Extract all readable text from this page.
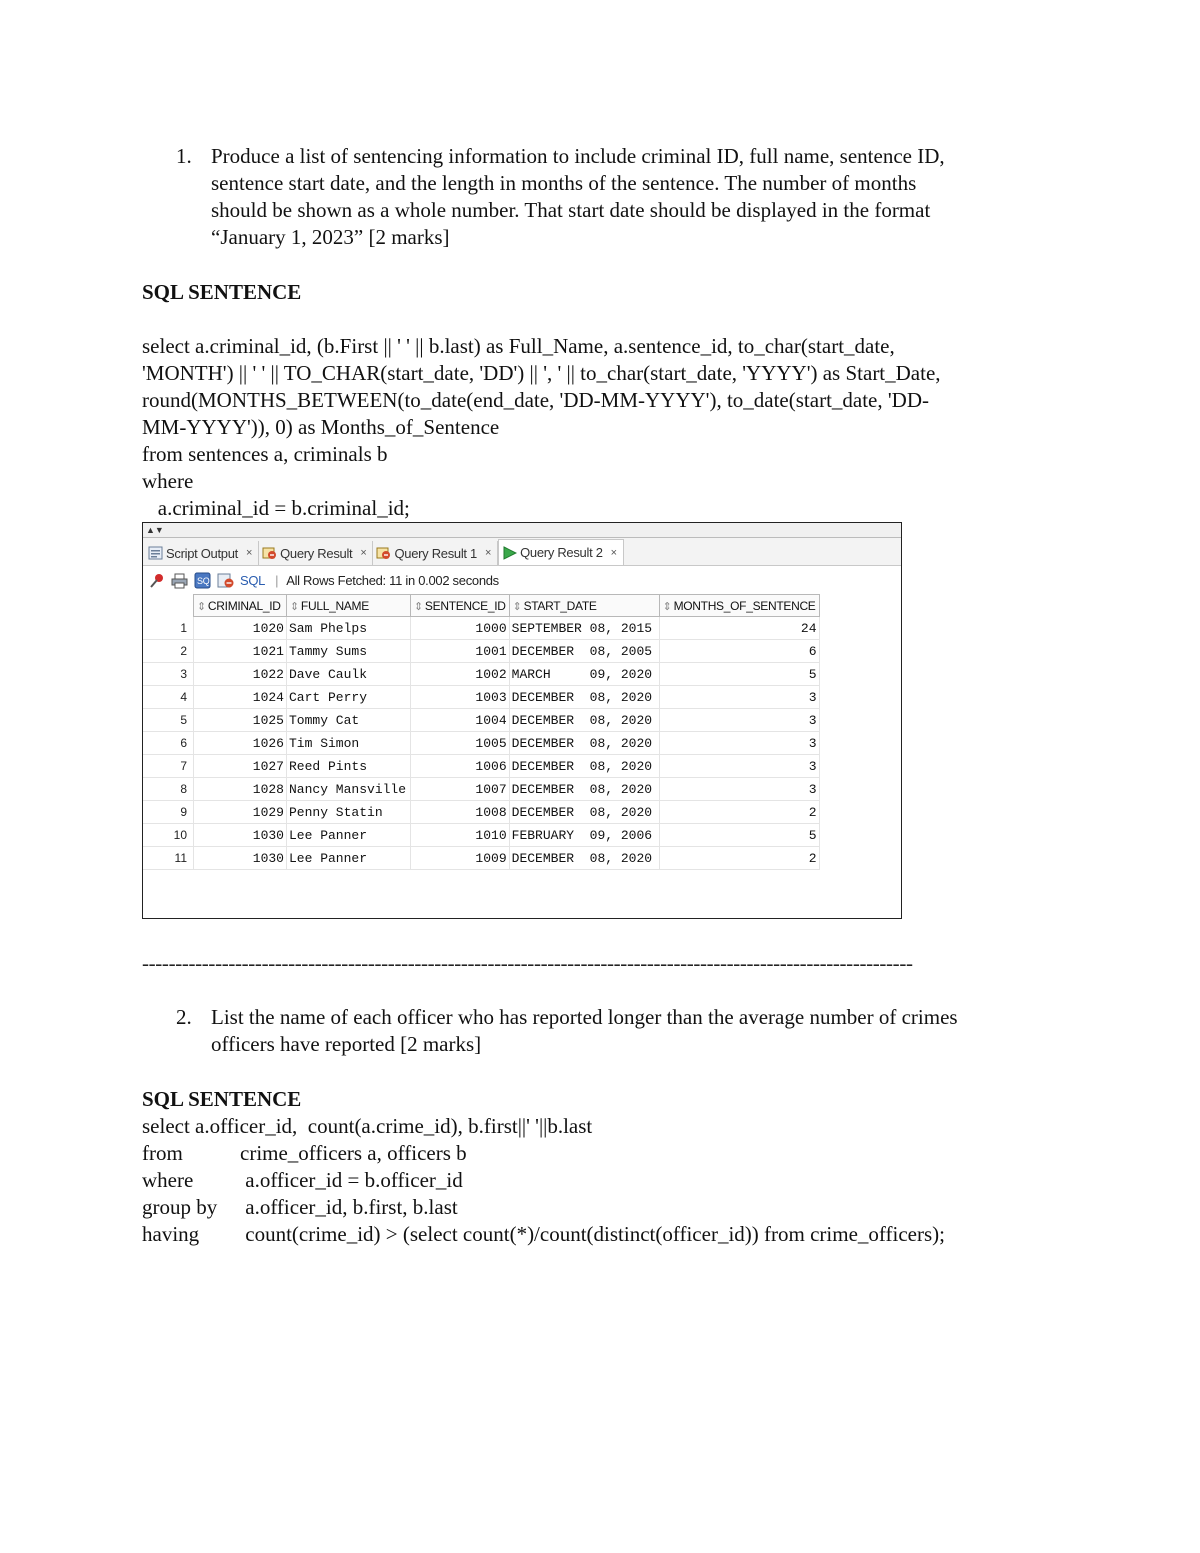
1. Produce a list of sentencing information to include criminal ID, full name, sentence ID,
sentence start date, and the length in months of the sentence. The number of months
should be shown as a whole number. That start date should be displayed in the format
“January 1, 2023” [2 marks]
SQL SENTENCE
select a.criminal_id, (b.First || ' ' || b.last) as Full_Name, a.sentence_id, to_char(start_date,
'MONTH') || ' ' || TO_CHAR(start_date, 'DD') || ', ' || to_char(start_date, 'YYYY') as Start_Date,
round(MONTHS_BETWEEN(to_date(end_date, 'DD-MM-YYYY'), to_date(start_date, 'DD-
MM-YYYY')), 0) as Months_of_Sentence
from sentences a, criminals b
where
a.criminal_id = b.criminal_id;
▲▼
Script Output × Query Result × Query Result 1 × Query Result 2 ×
SQ SQL | All Rows Fetched: 11 in 0.002 seconds
	⇕ CRIMINAL_ID	⇕ FULL_NAME	⇕ SENTENCE_ID	⇕ START_DATE	⇕ MONTHS_OF_SENTENCE
1	1020	Sam Phelps	1000	SEPTEMBER 08, 2015	24
2	1021	Tammy Sums	1001	DECEMBER  08, 2005	6
3	1022	Dave Caulk	1002	MARCH     09, 2020	5
4	1024	Cart Perry	1003	DECEMBER  08, 2020	3
5	1025	Tommy Cat	1004	DECEMBER  08, 2020	3
6	1026	Tim Simon	1005	DECEMBER  08, 2020	3
7	1027	Reed Pints	1006	DECEMBER  08, 2020	3
8	1028	Nancy Mansville	1007	DECEMBER  08, 2020	3
9	1029	Penny Statin	1008	DECEMBER  08, 2020	2
10	1030	Lee Panner	1010	FEBRUARY  09, 2006	5
11	1030	Lee Panner	1009	DECEMBER  08, 2020	2
--------------------------------------------------------------------------------------------------------------------
2. List the name of each officer who has reported longer than the average number of crimes
officers have reported [2 marks]
SQL SENTENCE
select a.officer_id,  count(a.crime_id), b.first||' '||b.last
from	crime_officers a, officers b
where	a.officer_id = b.officer_id
group by	a.officer_id, b.first, b.last
having	count(crime_id) > (select count(*)/count(distinct(officer_id)) from crime_officers);
